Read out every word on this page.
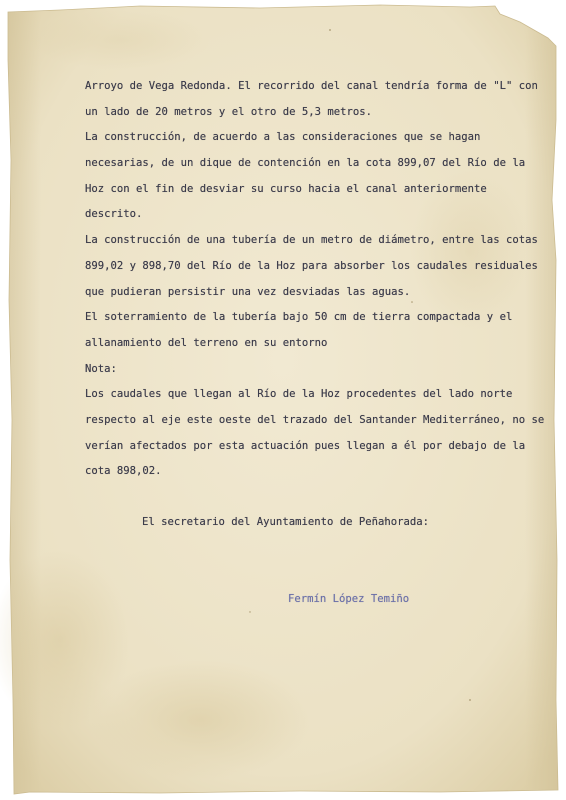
Arroyo de Vega Redonda. El recorrido del canal tendría forma de "L" con
un lado de 20 metros y el otro de 5,3 metros.
La construcción, de acuerdo a las consideraciones que se hagan
necesarias, de un dique de contención en la cota 899,07 del Río de la
Hoz con el fin de desviar su curso hacia el canal anteriormente
descrito.
La construcción de una tubería de un metro de diámetro, entre las cotas
899,02 y 898,70 del Río de la Hoz para absorber los caudales residuales
que pudieran persistir una vez desviadas las aguas.
El soterramiento de la tubería bajo 50 cm de tierra compactada y el
allanamiento del terreno en su entorno
Nota:
Los caudales que llegan al Río de la Hoz procedentes del lado norte
respecto al eje este oeste del trazado del Santander Mediterráneo, no se
verían afectados por esta actuación pues llegan a él por debajo de la
cota 898,02.
El secretario del Ayuntamiento de Peñahorada:
Fermín López Temiño
